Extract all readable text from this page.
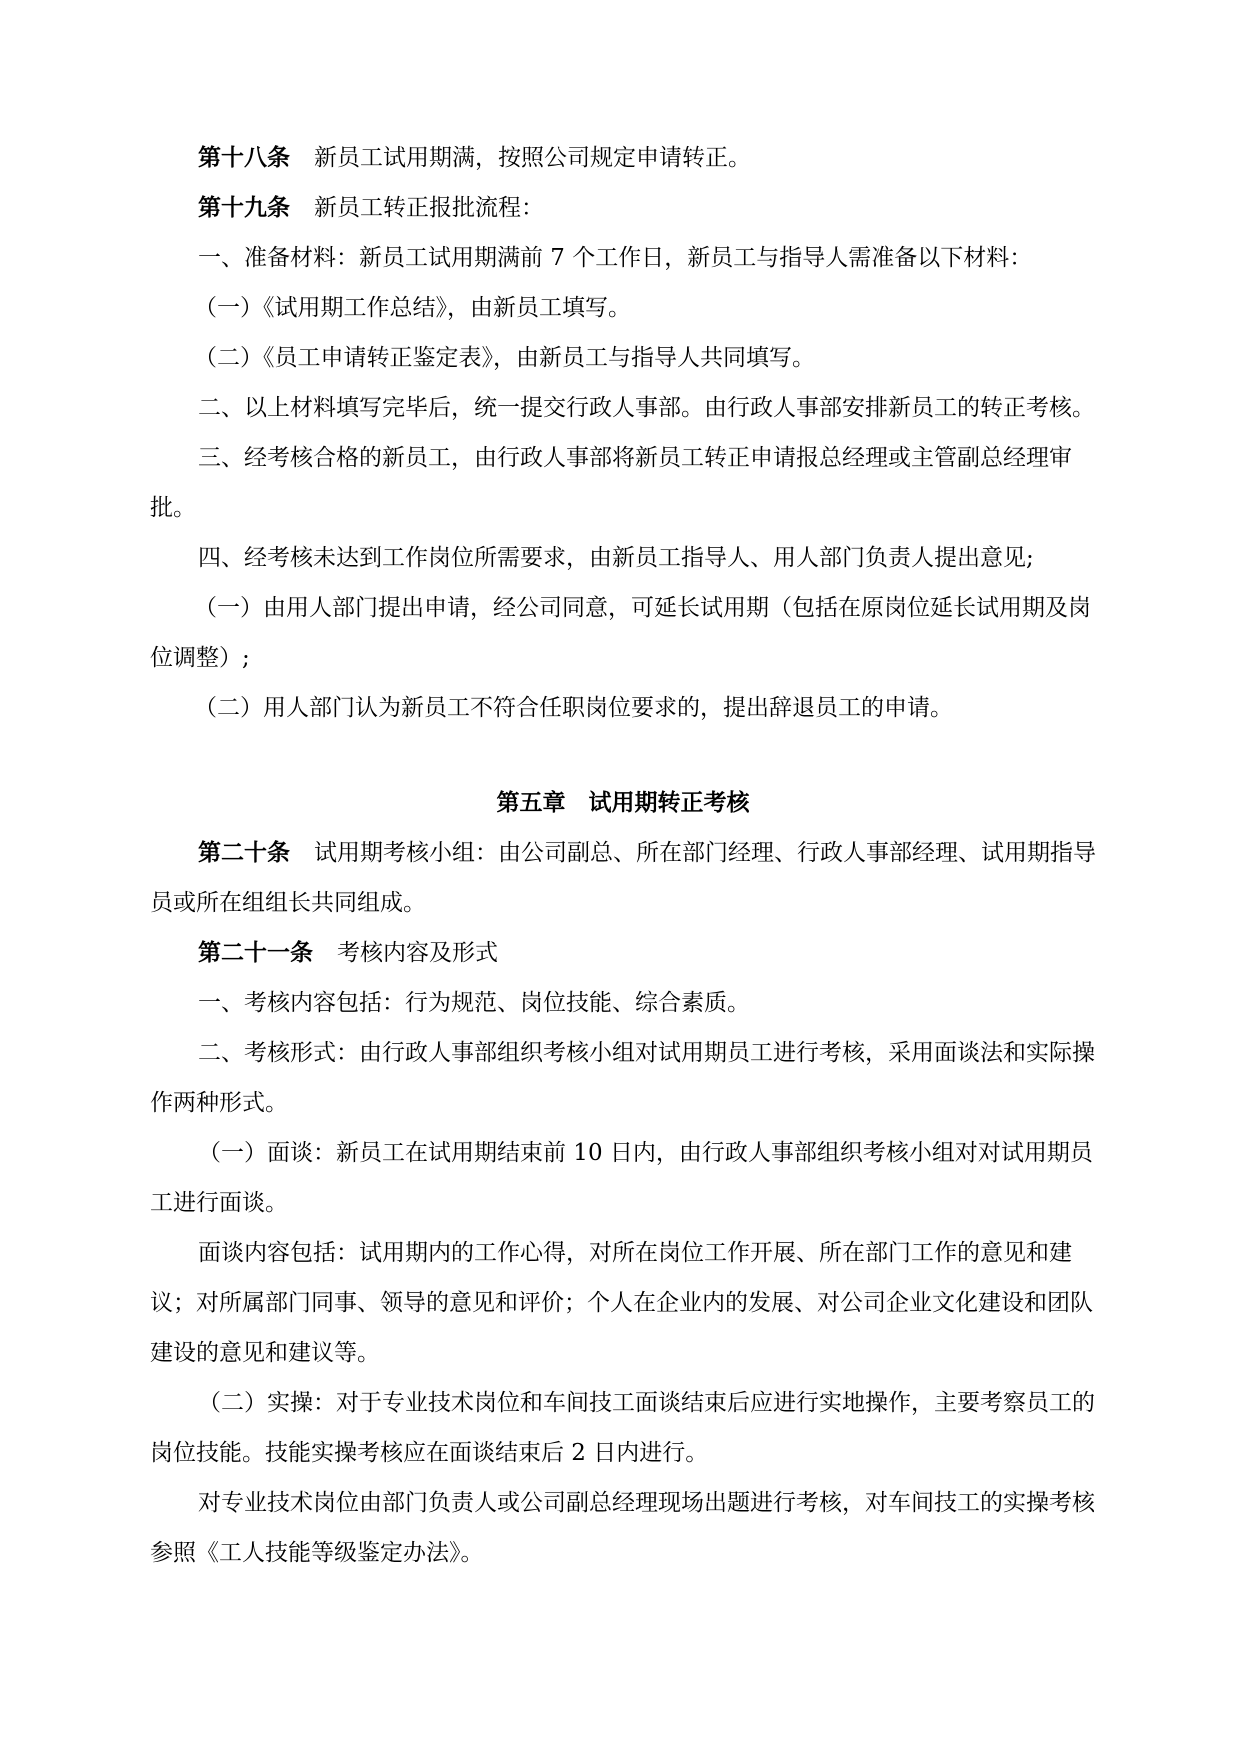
第十八条 新员工试用期满，按照公司规定申请转正。

第十九条 新员工转正报批流程：

一、准备材料：新员工试用期满前 7 个工作日，新员工与指导人需准备以下材料：

（一）《试用期工作总结》，由新员工填写。

（二）《员工申请转正鉴定表》，由新员工与指导人共同填写。

二、以上材料填写完毕后，统一提交行政人事部。由行政人事部安排新员工的转正考核。

三、经考核合格的新员工，由行政人事部将新员工转正申请报总经理或主管副总经理审批。

四、经考核未达到工作岗位所需要求，由新员工指导人、用人部门负责人提出意见;

（一）由用人部门提出申请，经公司同意，可延长试用期（包括在原岗位延长试用期及岗位调整）;

（二）用人部门认为新员工不符合任职岗位要求的，提出辞退员工的申请。

第五章　试用期转正考核

第二十条 试用期考核小组：由公司副总、所在部门经理、行政人事部经理、试用期指导员或所在组组长共同组成。

第二十一条 考核内容及形式

一、考核内容包括：行为规范、岗位技能、综合素质。

二、考核形式：由行政人事部组织考核小组对试用期员工进行考核，采用面谈法和实际操作两种形式。

（一）面谈：新员工在试用期结束前 10 日内，由行政人事部组织考核小组对对试用期员工进行面谈。

面谈内容包括：试用期内的工作心得，对所在岗位工作开展、所在部门工作的意见和建议；对所属部门同事、领导的意见和评价；个人在企业内的发展、对公司企业文化建设和团队建设的意见和建议等。

（二）实操：对于专业技术岗位和车间技工面谈结束后应进行实地操作，主要考察员工的岗位技能。技能实操考核应在面谈结束后 2 日内进行。

对专业技术岗位由部门负责人或公司副总经理现场出题进行考核，对车间技工的实操考核参照《工人技能等级鉴定办法》。
